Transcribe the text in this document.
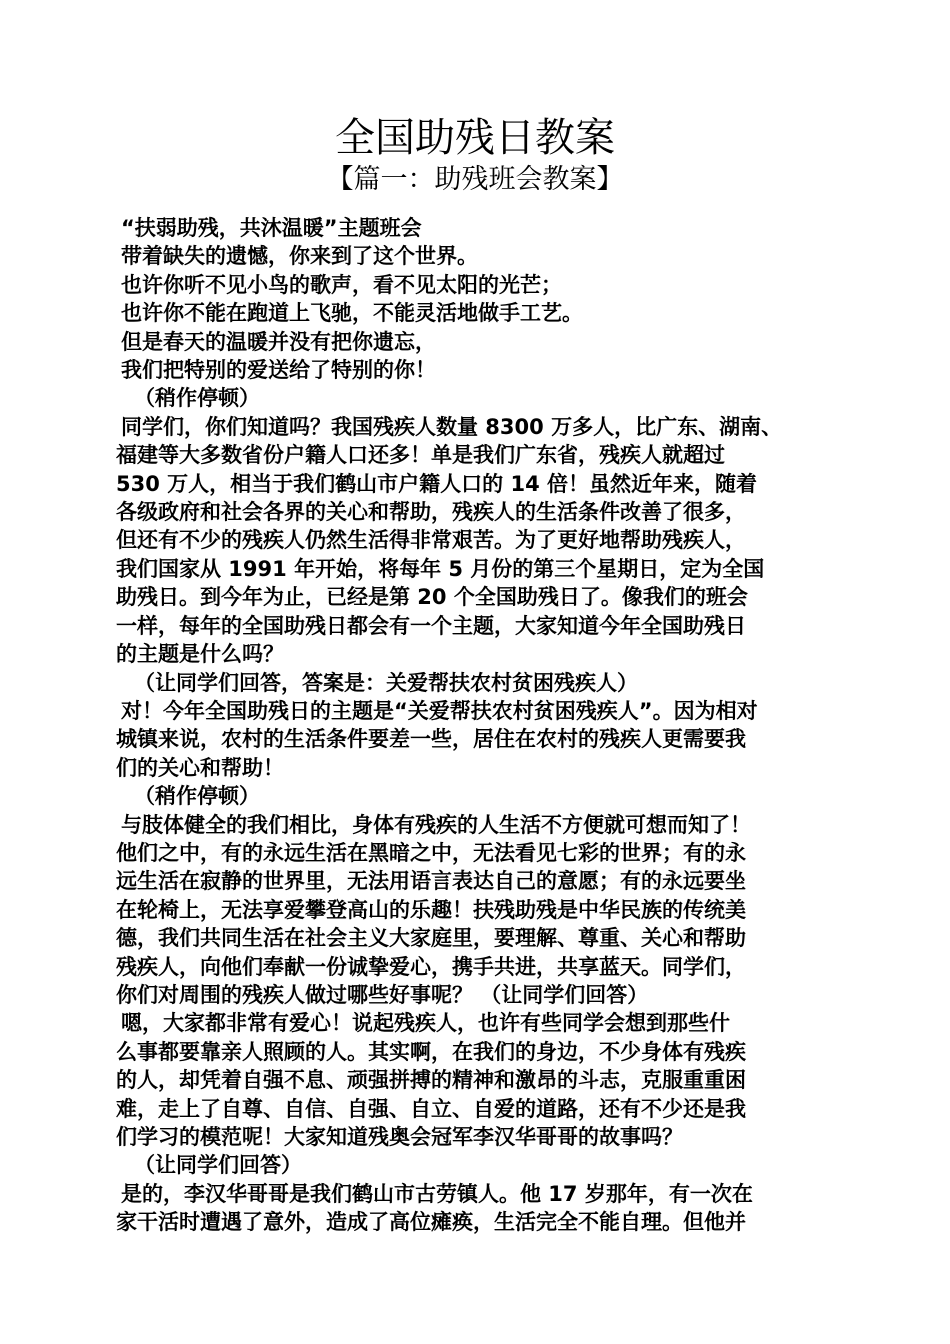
全国助残日教案
【篇一：助残班会教案】

“扶弱助残，共沐温暖”主题班会

带着缺失的遗憾，你来到了这个世界。

也许你听不见小鸟的歌声，看不见太阳的光芒；

也许你不能在跑道上飞驰，不能灵活地做手工艺。

但是春天的温暖并没有把你遗忘，

我们把特别的爱送给了特别的你！

（稍作停顿）

同学们，你们知道吗？我国残疾人数量 8300 万多人，比广东、湖南、

福建等大多数省份户籍人口还多！单是我们广东省，残疾人就超过

530 万人，相当于我们鹤山市户籍人口的 14 倍！虽然近年来，随着

各级政府和社会各界的关心和帮助，残疾人的生活条件改善了很多，

但还有不少的残疾人仍然生活得非常艰苦。为了更好地帮助残疾人，

我们国家从 1991 年开始，将每年 5 月份的第三个星期日，定为全国

助残日。到今年为止，已经是第 20 个全国助残日了。像我们的班会

一样，每年的全国助残日都会有一个主题，大家知道今年全国助残日

的主题是什么吗？

（让同学们回答，答案是：关爱帮扶农村贫困残疾人）

对！今年全国助残日的主题是“关爱帮扶农村贫困残疾人”。因为相对

城镇来说，农村的生活条件要差一些，居住在农村的残疾人更需要我

们的关心和帮助！

（稍作停顿）

与肢体健全的我们相比，身体有残疾的人生活不方便就可想而知了！

他们之中，有的永远生活在黑暗之中，无法看见七彩的世界；有的永

远生活在寂静的世界里，无法用语言表达自己的意愿；有的永远要坐

在轮椅上，无法享爱攀登高山的乐趣！扶残助残是中华民族的传统美

德，我们共同生活在社会主义大家庭里，要理解、尊重、关心和帮助

残疾人，向他们奉献一份诚挚爱心，携手共进，共享蓝天。同学们，

你们对周围的残疾人做过哪些好事呢？ （让同学们回答）

嗯，大家都非常有爱心！说起残疾人，也许有些同学会想到那些什

么事都要靠亲人照顾的人。其实啊，在我们的身边，不少身体有残疾

的人，却凭着自强不息、顽强拼搏的精神和激昂的斗志，克服重重困

难，走上了自尊、自信、自强、自立、自爱的道路，还有不少还是我

们学习的模范呢！大家知道残奥会冠军李汉华哥哥的故事吗？

（让同学们回答）

是的，李汉华哥哥是我们鹤山市古劳镇人。他 17 岁那年，有一次在

家干活时遭遇了意外，造成了高位瘫痪，生活完全不能自理。但他并
